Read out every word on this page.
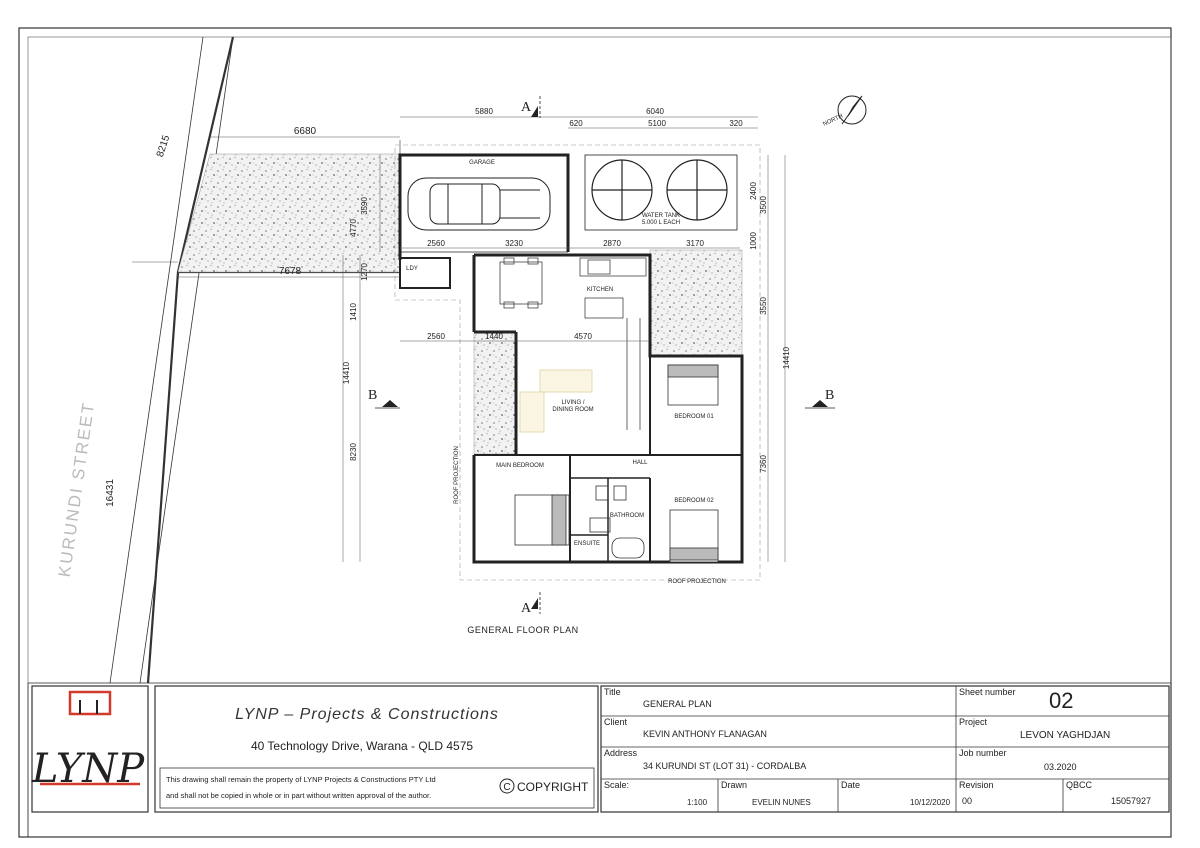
GARAGE
LDY
KITCHEN
LIVING /
DINING ROOM
BEDROOM 01
BEDROOM 02
MAIN BEDROOM	HALL
BATHROOM
ENSUITE
ROOF PROJECTION
WATER TANK
5.000 L EACH
ROOF PROJECTION
8215
6680
7678
16431
5880	6040
620	5100	320
2560	3230	2870	3170
2560	1440	4570
4770
3590
1270
1410
14410
8230
2400
3500
1000
3550
14410
7360
KURUNDI STREET
A
A
B	B
NORTH
GENERAL FLOOR PLAN
LYNP
LYNP – Projects & Constructions
40 Technology Drive, Warana - QLD 4575
This drawing shall remain the property of LYNP Projects & Constructions PTY Ltd
and shall not be copied in whole or in part without written approval of the author.
C COPYRIGHT
Title
GENERAL PLAN
Client
KEVIN ANTHONY FLANAGAN
Address
34 KURUNDI ST (LOT 31) - CORDALBA
Scale:
1:100
Drawn
EVELIN NUNES
Date
10/12/2020
Sheet number 02
Project
LEVON YAGHDJAN
Job number
03.2020
Revision
00
QBCC
15057927
